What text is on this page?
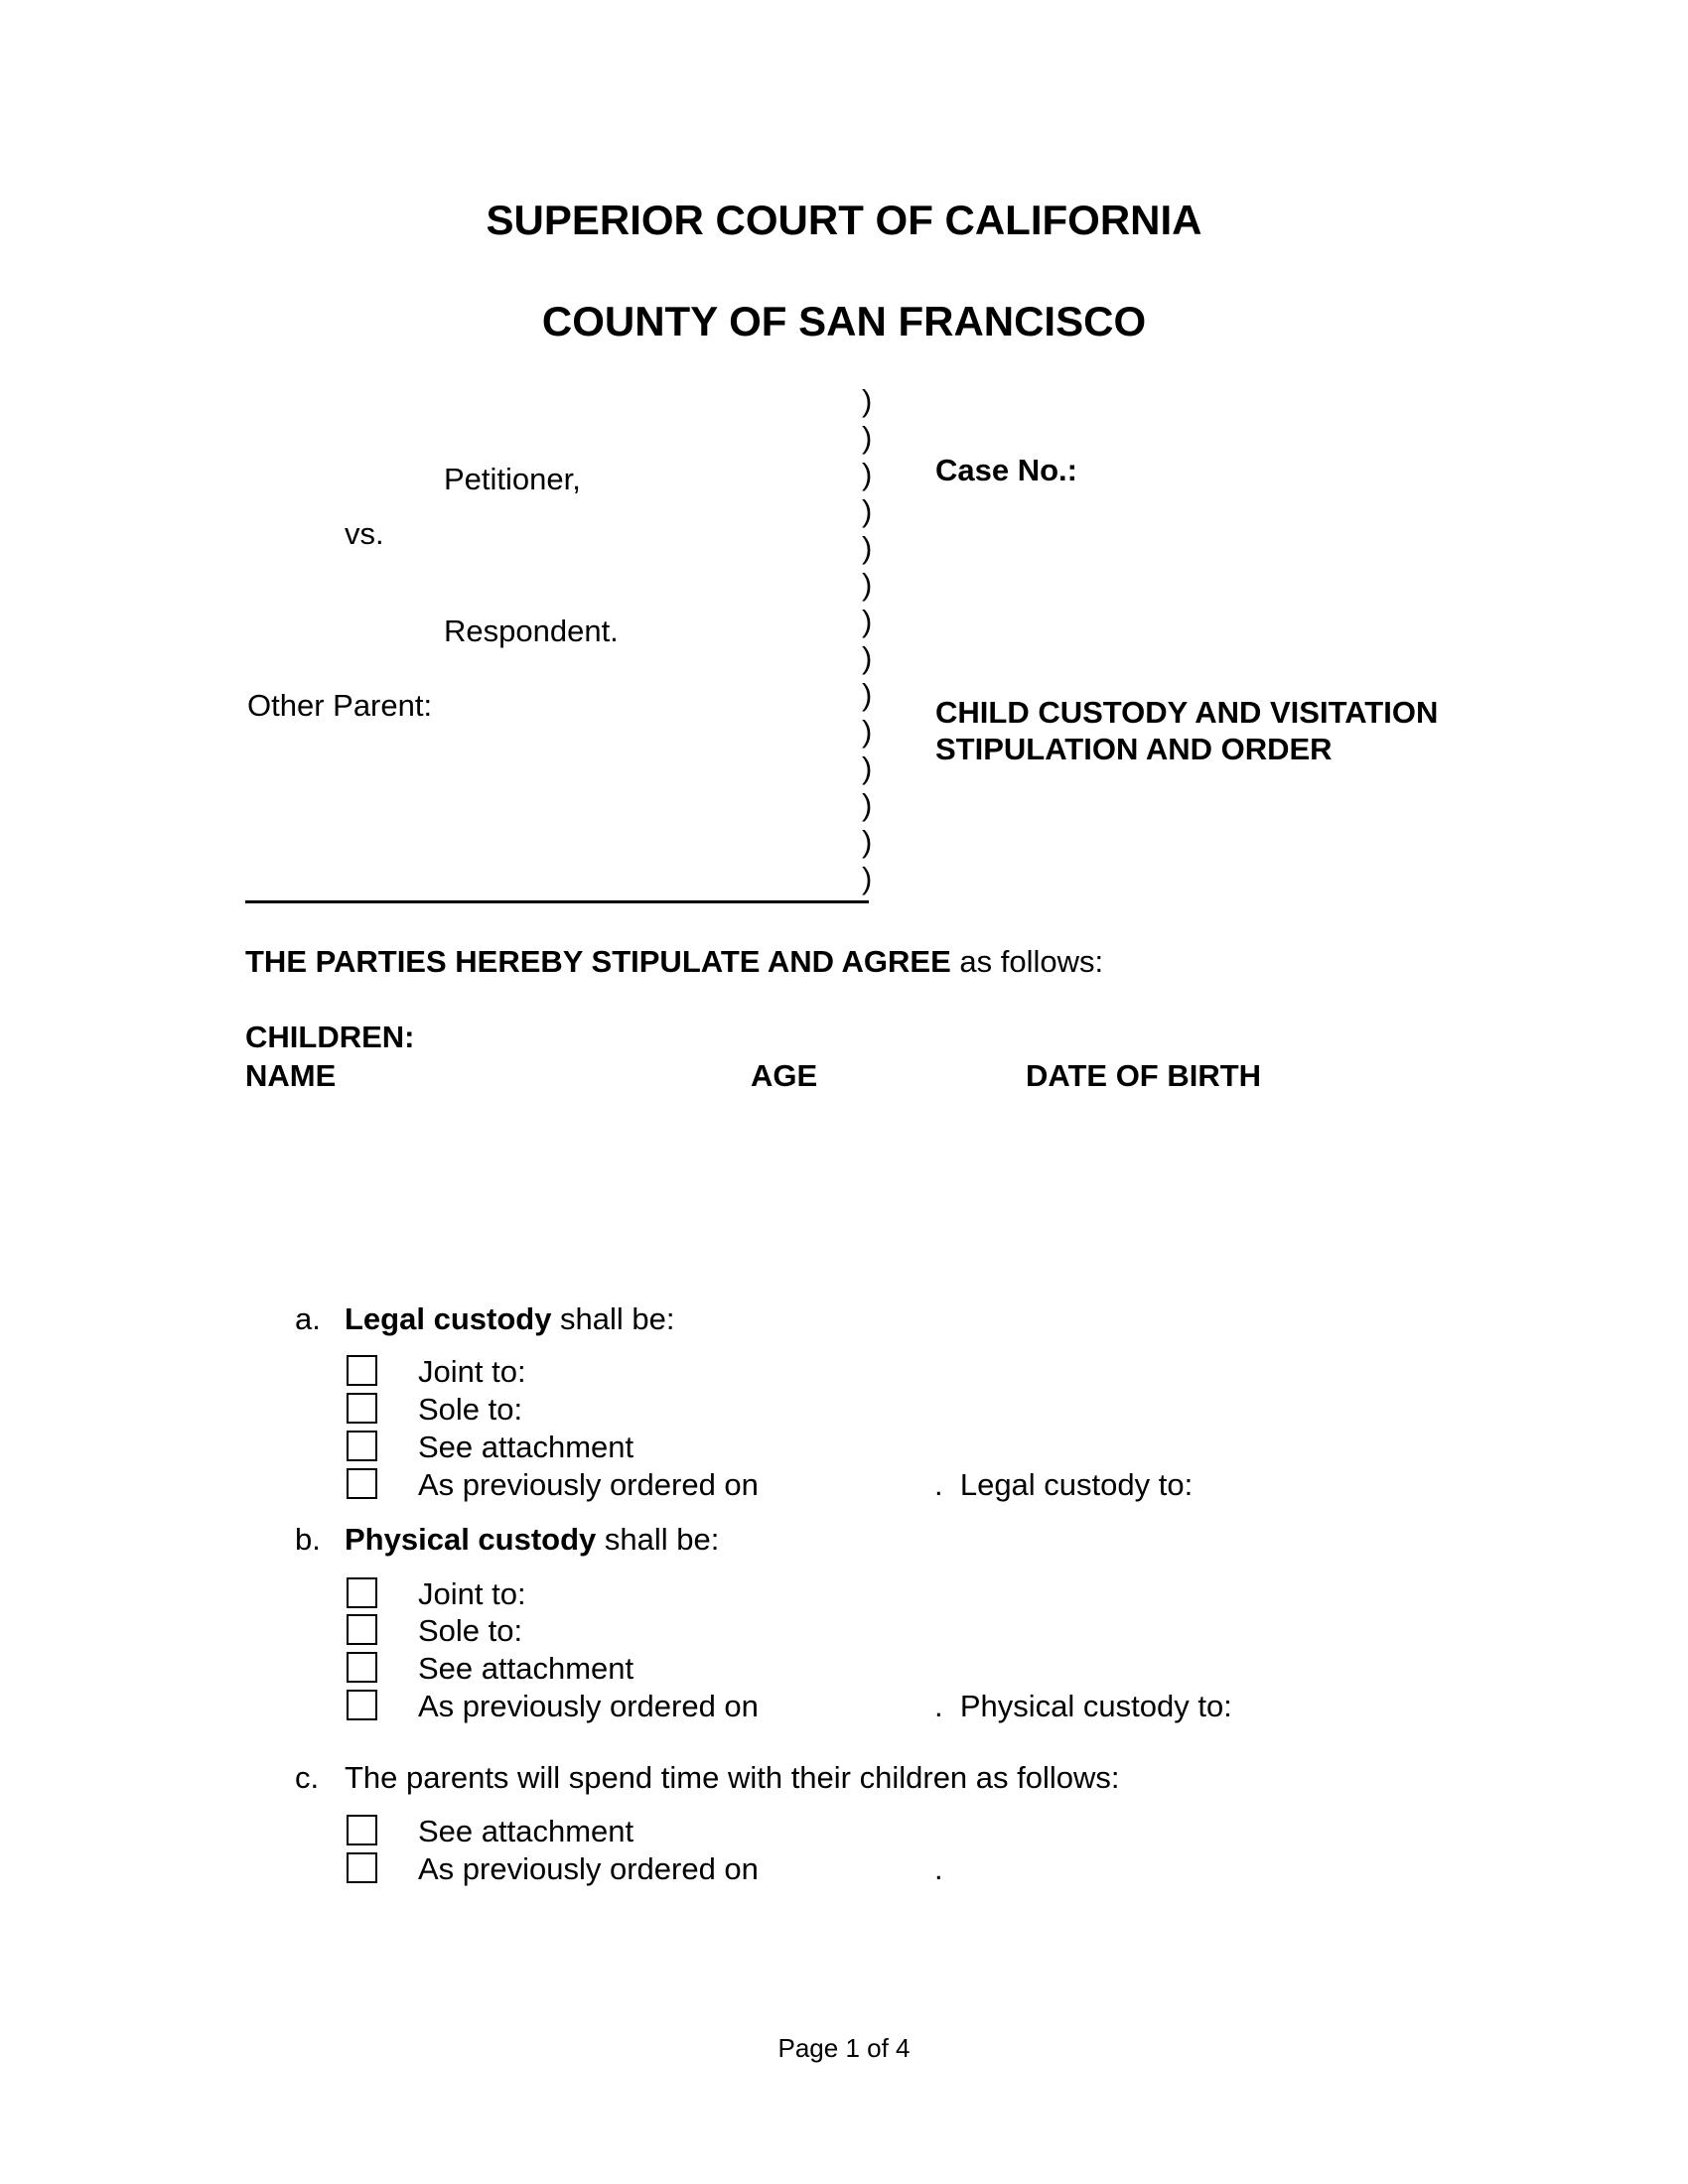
SUPERIOR COURT OF CALIFORNIA
COUNTY OF SAN FRANCISCO
Petitioner,
vs.
Respondent.
Other Parent:
)
)
)
)
)
)
)
)
)
)
)
)
)
)
Case No.:
CHILD CUSTODY AND VISITATION
STIPULATION AND ORDER
THE PARTIES HEREBY STIPULATE AND AGREE as follows:
CHILDREN:
NAME	AGE	DATE OF BIRTH
a. Legal custody shall be:
Joint to:
Sole to:
See attachment
As previously ordered on	.  Legal custody to:
b. Physical custody shall be:
Joint to:
Sole to:
See attachment
As previously ordered on	.  Physical custody to:
c. The parents will spend time with their children as follows:
See attachment
As previously ordered on	.
Page 1 of 4
